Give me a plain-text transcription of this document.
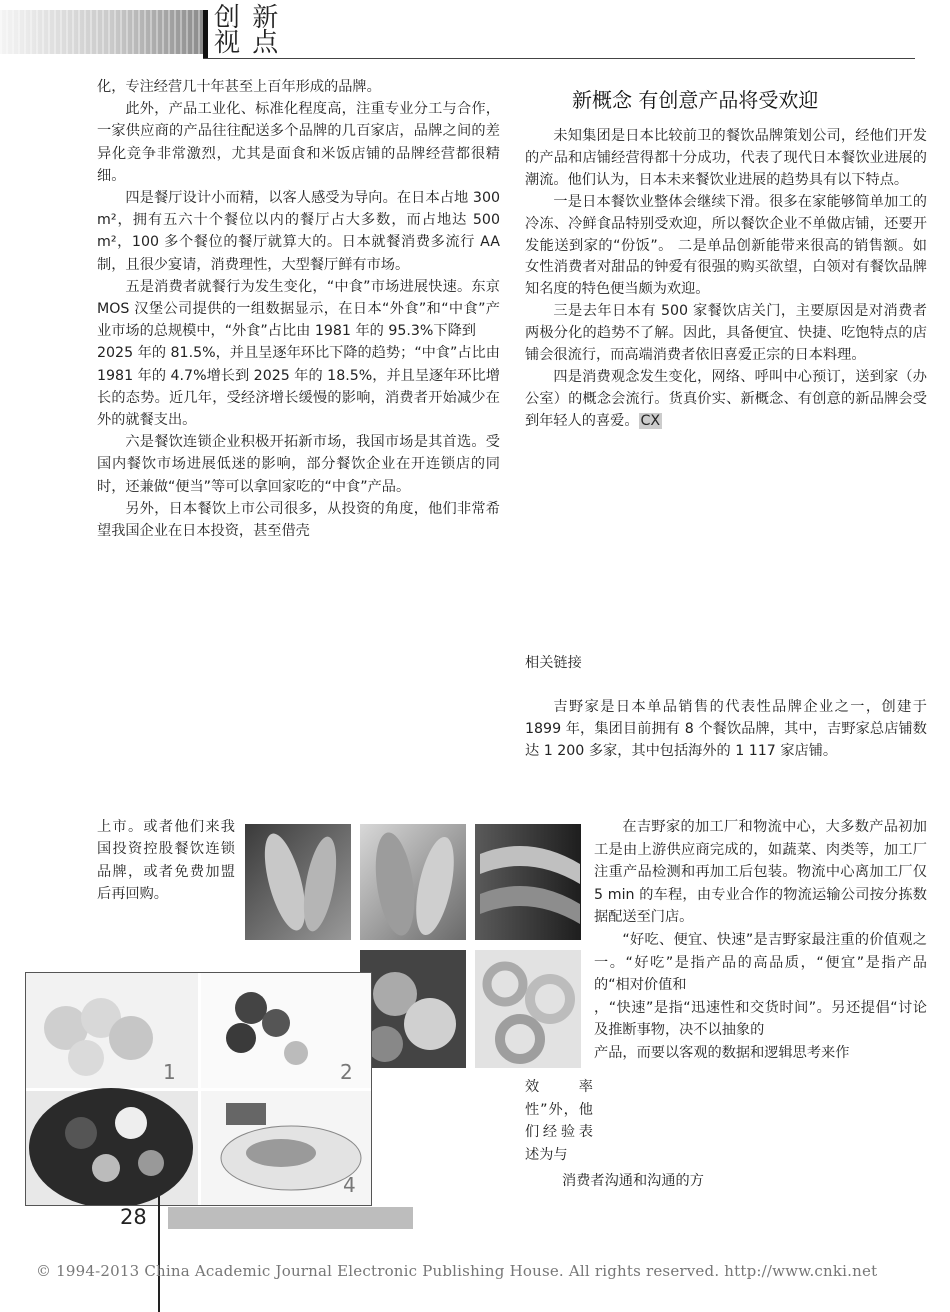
创 新
视 点

化，专注经营几十年甚至上百年形成的品牌。

此外，产品工业化、标准化程度高，注重专业分工与合作，一家供应商的产品往往配送多个品牌的几百家店，品牌之间的差异化竞争非常激烈，尤其是面食和米饭店铺的品牌经营都很精细。

四是餐厅设计小而精，以客人感受为导向。在日本占地 300 m²，拥有五六十个餐位以内的餐厅占大多数，而占地达 500 m²，100 多个餐位的餐厅就算大的。日本就餐消费多流行 AA 制，且很少宴请，消费理性，大型餐厅鲜有市场。

五是消费者就餐行为发生变化，“中食”市场进展快速。东京 MOS 汉堡公司提供的一组数据显示，在日本“外食”和“中食”产业市场的总规模中，“外食”占比由 1981 年的 95.3%下降到

2025 年的 81.5%，并且呈逐年环比下降的趋势；“中食”占比由 1981 年的 4.7%增长到 2025 年的 18.5%，并且呈逐年环比增长的态势。近几年，受经济增长缓慢的影响，消费者开始减少在外的就餐支出。

六是餐饮连锁企业积极开拓新市场，我国市场是其首选。受国内餐饮市场进展低迷的影响，部分餐饮企业在开连锁店的同时，还兼做“便当”等可以拿回家吃的“中食”产品。

另外，日本餐饮上市公司很多，从投资的角度，他们非常希望我国企业在日本投资，甚至借壳

新概念 有创意产品将受欢迎

未知集团是日本比较前卫的餐饮品牌策划公司，经他们开发的产品和店铺经营得都十分成功，代表了现代日本餐饮业进展的潮流。他们认为，日本未来餐饮业进展的趋势具有以下特点。

一是日本餐饮业整体会继续下滑。很多在家能够简单加工的冷冻、冷鲜食品特别受欢迎，所以餐饮企业不单做店铺，还要开发能送到家的“份饭”。 二是单品创新能带来很高的销售额。如女性消费者对甜品的钟爱有很强的购买欲望，白领对有餐饮品牌知名度的特色便当颇为欢迎。

三是去年日本有 500 家餐饮店关门，主要原因是对消费者两极分化的趋势不了解。因此，具备便宜、快捷、吃饱特点的店铺会很流行，而高端消费者依旧喜爱正宗的日本料理。

四是消费观念发生变化，网络、呼叫中心预订，送到家（办公室）的概念会流行。货真价实、新概念、有创意的新品牌会受到年轻人的喜爱。 CX

相关链接

吉野家是日本单品销售的代表性品牌企业之一，创建于 1899 年，集团目前拥有 8 个餐饮品牌，其中，吉野家总店铺数达 1 200 多家，其中包括海外的 1 117 家店铺。

上市。或者他们来我国投资控股餐饮连锁品牌，或者免费加盟后再回购。

1	2
4

在吉野家的加工厂和物流中心，大多数产品初加工是由上游供应商完成的，如蔬菜、肉类等，加工厂注重产品检测和再加工后包装。物流中心离加工厂仅 5 min 的车程，由专业合作的物流运输公司按分拣数据配送至门店。

“好吃、便宜、快速”是吉野家最注重的价值观之一。“好吃”是指产品的高品质，“便宜”是指产品的“相对价值和

，“快速”是指“迅速性和交货时间”。另还提倡“讨论及推断事物，决不以抽象的

产品，而要以客观的数据和逻辑思考来作

效率性”外，他们经验表述为与

消费者沟通和沟通的方

28
© 1994-2013 China Academic Journal Electronic Publishing House. All rights reserved. http://www.cnki.net
